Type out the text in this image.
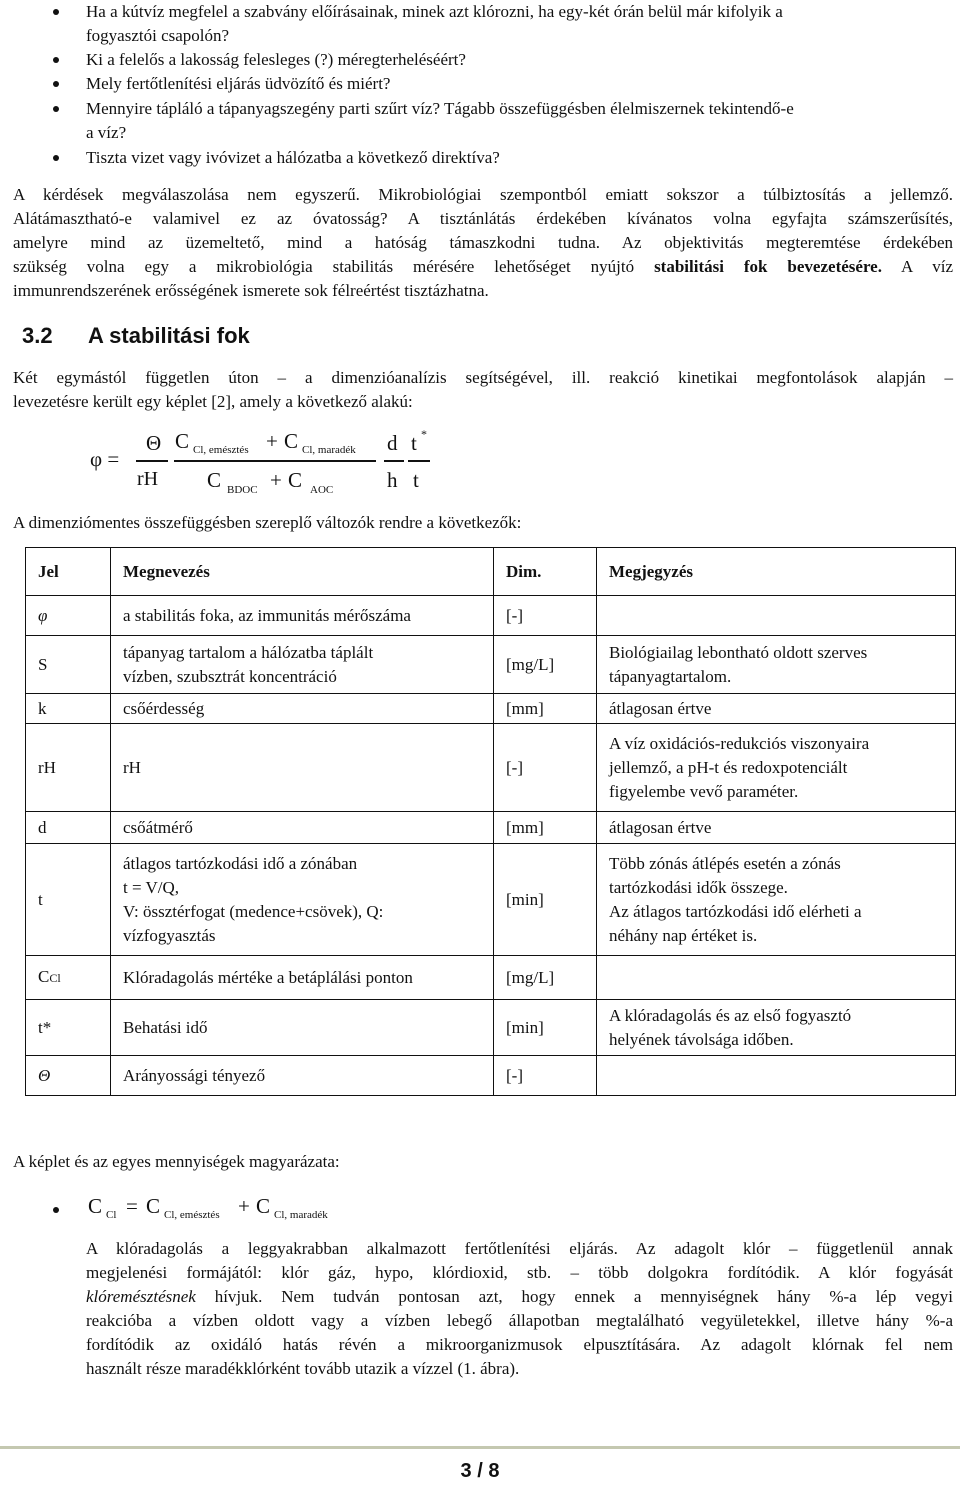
Ha a kútvíz megfelel a szabvány előírásainak, minek azt klórozni, ha egy-két órán belül már kifolyik a
fogyasztói csapolón?
Ki a felelős a lakosság felesleges (?) méregterheléséért?
Mely fertőtlenítési eljárás üdvözítő és miért?
Mennyire tápláló a tápanyagszegény parti szűrt víz? Tágabb összefüggésben élelmiszernek tekintendő-e
a víz?
Tiszta vizet vagy ivóvizet a hálózatba a következő direktíva?
A kérdések megválaszolása nem egyszerű. Mikrobiológiai szempontból emiatt sokszor a túlbiztosítás a jellemző.
Alátámasztható-e valamivel ez az óvatosság? A tisztánlátás érdekében kívánatos volna egyfajta számszerűsítés,
amelyre mind az üzemeltető, mind a hatóság támaszkodni tudna. Az objektivitás megteremtése érdekében
szükség volna egy a mikrobiológia stabilitás mérésére lehetőséget nyújtó stabilitási fok bevezetésére. A víz
immunrendszerének erősségének ismerete sok félreértést tisztázhatna.
3.2 A stabilitási fok
Két egymástól független úton – a dimenzióanalízis segítségével, ill. reakció kinetikai megfontolások alapján –
levezetésre került egy képlet [2], amely a következő alakú:
φ =
Θ
rH
C Cl, emésztés + C Cl, maradék
C BDOC + C AOC
d
h
t *
t
A dimenziómentes összefüggésben szereplő változók rendre a következők:
Jel	Megnevezés	Dim.	Megjegyzés
φ	a stabilitás foka, az immunitás mérőszáma	[-]	
S	tápanyag tartalom a hálózatba táplált
vízben, szubsztrát koncentráció	[mg/L]	Biológiailag lebontható oldott szerves
tápanyagtartalom.
k	csőérdesség	[mm]	átlagosan értve
rH	rH	[-]	A víz oxidációs-redukciós viszonyaira
jellemző, a pH-t és redoxpotenciált
figyelembe vevő paraméter.
d	csőátmérő	[mm]	átlagosan értve
t	átlagos tartózkodási idő a zónában
t = V/Q,
V: össztérfogat (medence+csövek), Q:
vízfogyasztás	[min]	Több zónás átlépés esetén a zónás
tartózkodási idők összege.
Az átlagos tartózkodási idő elérheti a
néhány nap értéket is.
CCl	Klóradagolás mértéke a betáplálási ponton	[mg/L]	
t*	Behatási idő	[min]	A klóradagolás és az első fogyasztó
helyének távolsága időben.
Θ	Arányossági tényező	[-]	
A képlet és az egyes mennyiségek magyarázata:
C Cl = C Cl, emésztés + C Cl, maradék
A klóradagolás a leggyakrabban alkalmazott fertőtlenítési eljárás. Az adagolt klór – függetlenül annak
megjelenési formájától: klór gáz, hypo, klórdioxid, stb. – több dolgokra fordítódik. A klór fogyását
klóremésztésnek hívjuk. Nem tudván pontosan azt, hogy ennek a mennyiségnek hány %-a lép vegyi
reakcióba a vízben oldott vagy a vízben lebegő állapotban megtalálható vegyületekkel, illetve hány %-a
fordítódik az oxidáló hatás révén a mikroorganizmusok elpusztítására. Az adagolt klórnak fel nem
használt része maradékklórként tovább utazik a vízzel (1. ábra).
3 / 8
